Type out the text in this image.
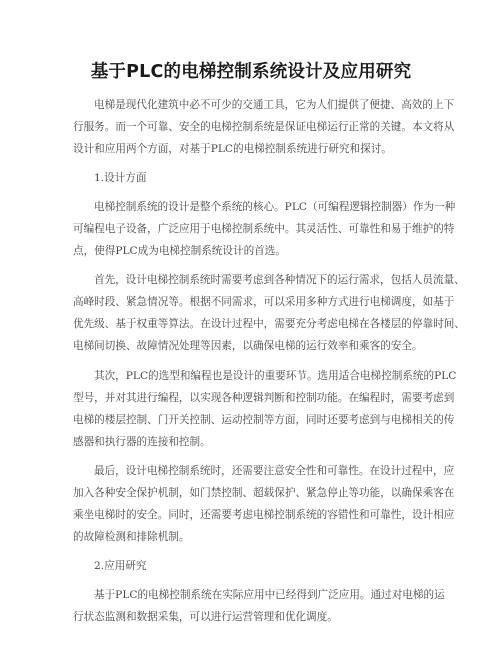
基于PLC的电梯控制系统设计及应用研究
电梯是现代化建筑中必不可少的交通工具，它为人们提供了便捷、高效的上下
行服务。而一个可靠、安全的电梯控制系统是保证电梯运行正常的关键。本文将从
设计和应用两个方面，对基于PLC的电梯控制系统进行研究和探讨。
1.设计方面
电梯控制系统的设计是整个系统的核心。PLC（可编程逻辑控制器）作为一种
可编程电子设备，广泛应用于电梯控制系统中。其灵活性、可靠性和易于维护的特
点，使得PLC成为电梯控制系统设计的首选。
首先，设计电梯控制系统时需要考虑到各种情况下的运行需求，包括人员流量、
高峰时段、紧急情况等。根据不同需求，可以采用多种方式进行电梯调度，如基于
优先级、基于权重等算法。在设计过程中，需要充分考虑电梯在各楼层的停靠时间、
电梯间切换、故障情况处理等因素，以确保电梯的运行效率和乘客的安全。
其次，PLC的选型和编程也是设计的重要环节。选用适合电梯控制系统的PLC
型号，并对其进行编程，以实现各种逻辑判断和控制功能。在编程时，需要考虑到
电梯的楼层控制、门开关控制、运动控制等方面，同时还要考虑到与电梯相关的传
感器和执行器的连接和控制。
最后，设计电梯控制系统时，还需要注意安全性和可靠性。在设计过程中，应
加入各种安全保护机制，如门禁控制、超载保护、紧急停止等功能，以确保乘客在
乘坐电梯时的安全。同时，还需要考虑电梯控制系统的容错性和可靠性，设计相应
的故障检测和排除机制。
2.应用研究
基于PLC的电梯控制系统在实际应用中已经得到广泛应用。通过对电梯的运
行状态监测和数据采集，可以进行运营管理和优化调度。
